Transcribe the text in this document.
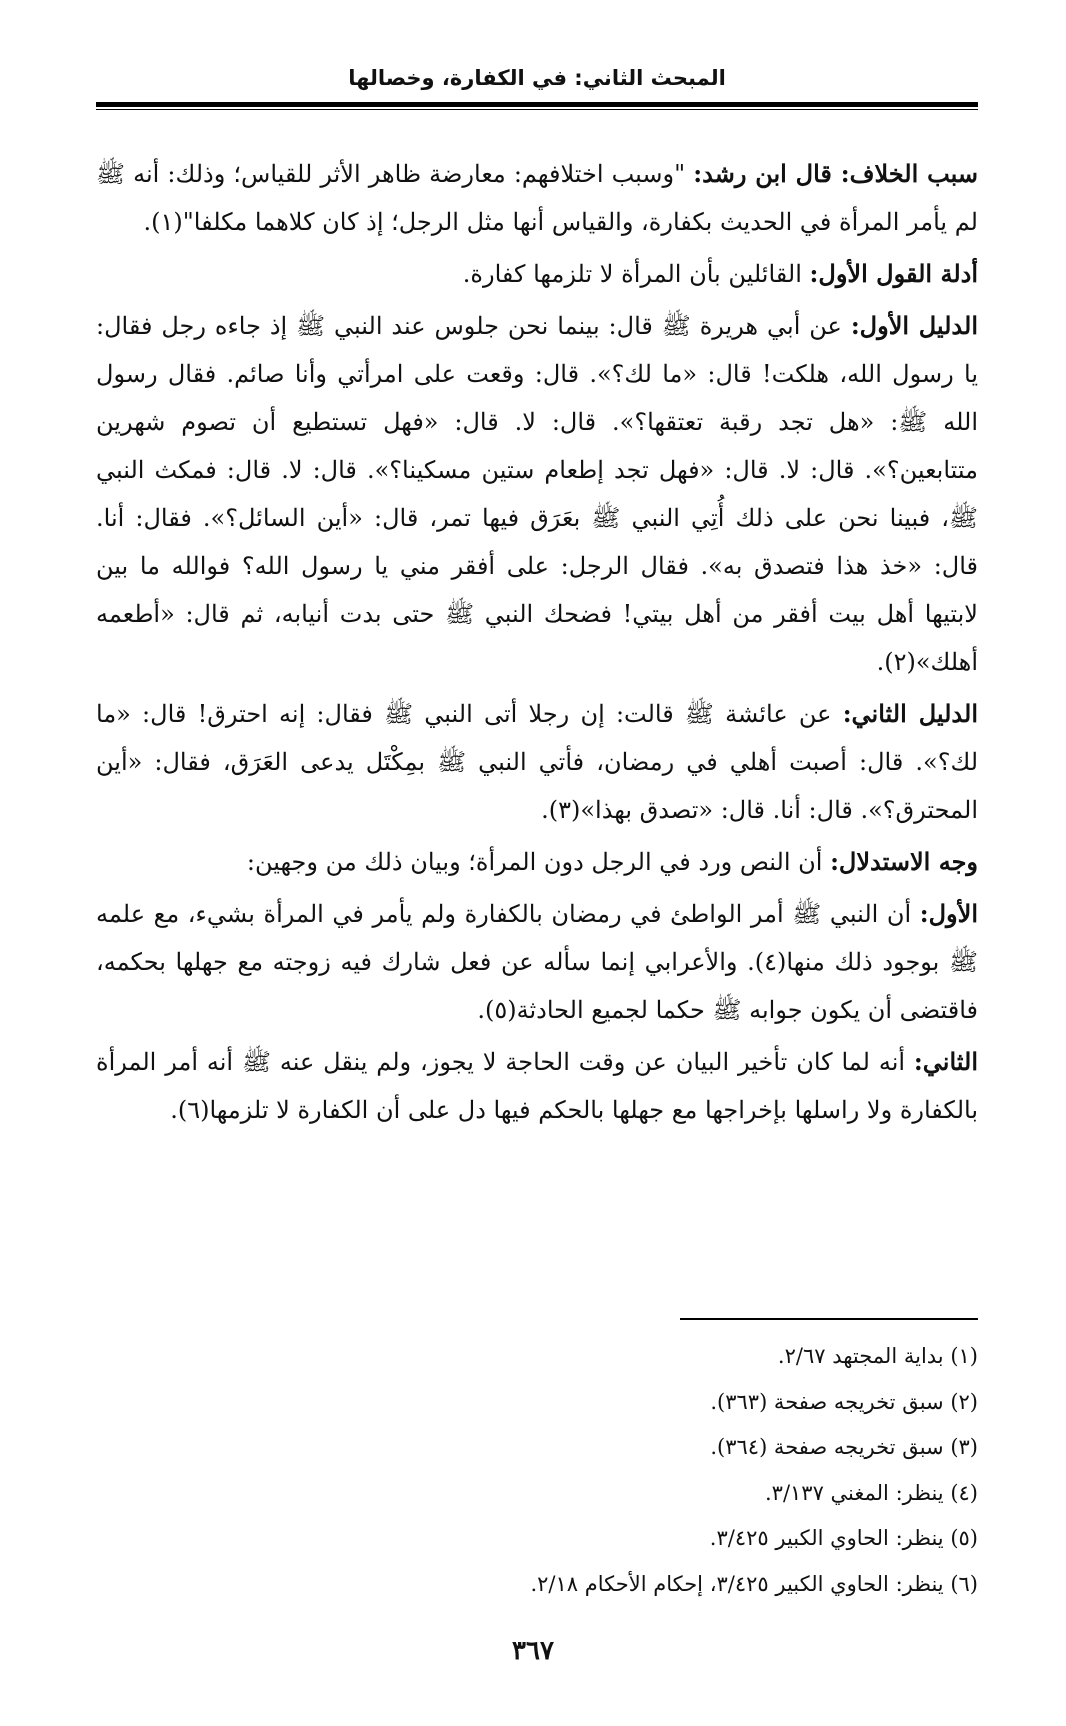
المبحث الثاني: في الكفارة، وخصالها

سبب الخلاف: قال ابن رشد: "وسبب اختلافهم: معارضة ظاهر الأثر للقياس؛ وذلك: أنه ﷺ لم يأمر المرأة في الحديث بكفارة، والقياس أنها مثل الرجل؛ إذ كان كلاهما مكلفا"(١).

أدلة القول الأول: القائلين بأن المرأة لا تلزمها كفارة.

الدليل الأول: عن أبي هريرة ﷺ قال: بينما نحن جلوس عند النبي ﷺ إذ جاءه رجل فقال: يا رسول الله، هلكت! قال: «ما لك؟». قال: وقعت على امرأتي وأنا صائم. فقال رسول الله ﷺ: «هل تجد رقبة تعتقها؟». قال: لا. قال: «فهل تستطيع أن تصوم شهرين متتابعين؟». قال: لا. قال: «فهل تجد إطعام ستين مسكينا؟». قال: لا. قال: فمكث النبي ﷺ، فبينا نحن على ذلك أُتِي النبي ﷺ بعَرَق فيها تمر، قال: «أين السائل؟». فقال: أنا. قال: «خذ هذا فتصدق به». فقال الرجل: على أفقر مني يا رسول الله؟ فوالله ما بين لابتيها أهل بيت أفقر من أهل بيتي! فضحك النبي ﷺ حتى بدت أنيابه، ثم قال: «أطعمه أهلك»(٢).

الدليل الثاني: عن عائشة ﷺ قالت: إن رجلا أتى النبي ﷺ فقال: إنه احترق! قال: «ما لك؟». قال: أصبت أهلي في رمضان، فأتي النبي ﷺ بمِكْتَل يدعى العَرَق، فقال: «أين المحترق؟». قال: أنا. قال: «تصدق بهذا»(٣).

وجه الاستدلال: أن النص ورد في الرجل دون المرأة؛ وبيان ذلك من وجهين:

الأول: أن النبي ﷺ أمر الواطئ في رمضان بالكفارة ولم يأمر في المرأة بشيء، مع علمه ﷺ بوجود ذلك منها(٤). والأعرابي إنما سأله عن فعل شارك فيه زوجته مع جهلها بحكمه، فاقتضى أن يكون جوابه ﷺ حكما لجميع الحادثة(٥).

الثاني: أنه لما كان تأخير البيان عن وقت الحاجة لا يجوز، ولم ينقل عنه ﷺ أنه أمر المرأة بالكفارة ولا راسلها بإخراجها مع جهلها بالحكم فيها دل على أن الكفارة لا تلزمها(٦).

(١) بداية المجتهد ٢/٦٧.
(٢) سبق تخريجه صفحة (٣٦٣).
(٣) سبق تخريجه صفحة (٣٦٤).
(٤) ينظر: المغني ٣/١٣٧.
(٥) ينظر: الحاوي الكبير ٣/٤٢٥.
(٦) ينظر: الحاوي الكبير ٣/٤٢٥، إحكام الأحكام ٢/١٨.
٣٦٧
